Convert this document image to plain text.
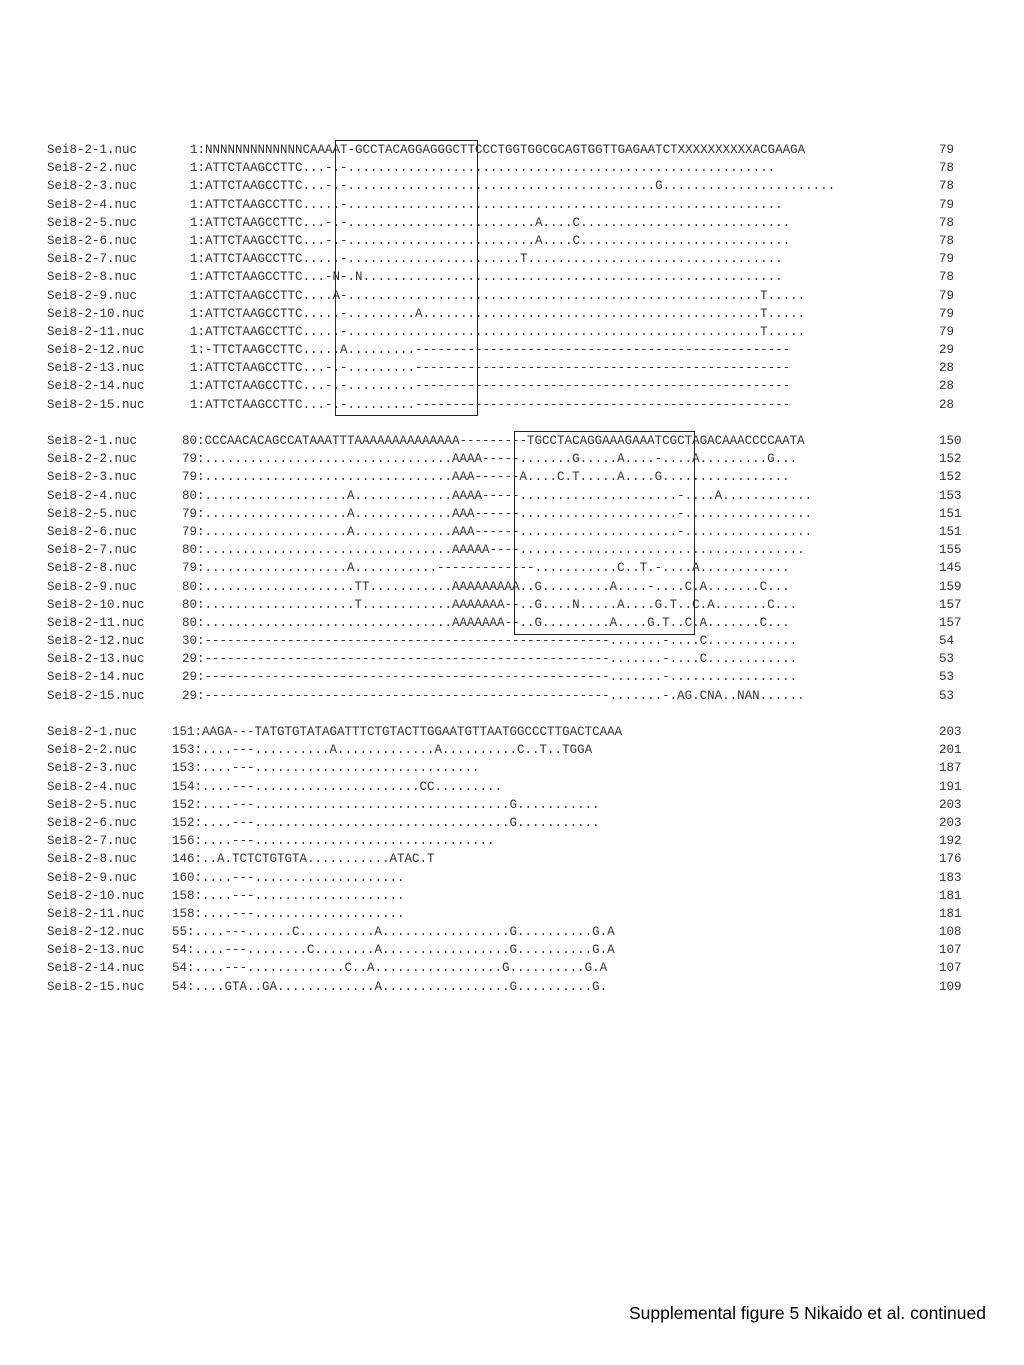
Sei8-2-1.nuc	1:NNNNNNNNNNNNNCAAAAT-GCCTACAGGAGGGCTTCCCTGGTGGCGCAGTGGTTGAGAATCTXXXXXXXXXXACGAAGA	79
Sei8-2-2.nuc	1:ATTCTAAGCCTTC...-.-.........................................................	78
Sei8-2-3.nuc	1:ATTCTAAGCCTTC...-.-.........................................G.......................	78
Sei8-2-4.nuc	1:ATTCTAAGCCTTC.....-..........................................................	79
Sei8-2-5.nuc	1:ATTCTAAGCCTTC...-.-.........................A....C............................	78
Sei8-2-6.nuc	1:ATTCTAAGCCTTC...-.-.........................A....C............................	78
Sei8-2-7.nuc	1:ATTCTAAGCCTTC.....-.......................T..................................	79
Sei8-2-8.nuc	1:ATTCTAAGCCTTC...-N-.N........................................................	78
Sei8-2-9.nuc	1:ATTCTAAGCCTTC....A-.......................................................T.....	79
Sei8-2-10.nuc	1:ATTCTAAGCCTTC.....-.........A.............................................T.....	79
Sei8-2-11.nuc	1:ATTCTAAGCCTTC.....-.......................................................T.....	79
Sei8-2-12.nuc	1:-TTCTAAGCCTTC.....A.........--------------------------------------------------	29
Sei8-2-13.nuc	1:ATTCTAAGCCTTC...-.-.........--------------------------------------------------	28
Sei8-2-14.nuc	1:ATTCTAAGCCTTC...-.-.........--------------------------------------------------	28
Sei8-2-15.nuc	1:ATTCTAAGCCTTC...-.-.........--------------------------------------------------	28
Sei8-2-1.nuc	80:CCCAACACAGCCATAAATTTAAAAAAAAAAAAAA---------TGCCTACAGGAAAGAAATCGCTAGACAAACCCCAATA	150
Sei8-2-2.nuc	79:.................................AAAA-----.......G.....A....-....A.........G...	152
Sei8-2-3.nuc	79:.................................AAA------A....C.T.....A....G.................	152
Sei8-2-4.nuc	80:...................A.............AAAA-----.....................-....A............	153
Sei8-2-5.nuc	79:...................A.............AAA------.....................-.................	151
Sei8-2-6.nuc	79:...................A.............AAA------.....................-.................	151
Sei8-2-7.nuc	80:.................................AAAAA----......................................	155
Sei8-2-8.nuc	79:...................A...........-------------...........C..T.-....A............	145
Sei8-2-9.nuc	80:....................TT...........AAAAAAAAA..G.........A....-....C.A.......C...	159
Sei8-2-10.nuc	80:....................T............AAAAAAA--..G....N.....A....G.T..C.A.......C...	157
Sei8-2-11.nuc	80:.................................AAAAAAA--..G.........A....G.T..C.A.......C...	157
Sei8-2-12.nuc	30:------------------------------------------------------.......-....C............	54
Sei8-2-13.nuc	29:------------------------------------------------------.......-....C............	53
Sei8-2-14.nuc	29:------------------------------------------------------.......-.................	53
Sei8-2-15.nuc	29:------------------------------------------------------.......-.AG.CNA..NAN......	53
Sei8-2-1.nuc	151:AAGA---TATGTGTATAGATTTCTGTACTTGGAATGTTAATGGCCCTTGACTCAAA	203
Sei8-2-2.nuc	153:....---..........A.............A..........C..T..TGGA	201
Sei8-2-3.nuc	153:....---..............................	187
Sei8-2-4.nuc	154:....---......................CC.........	191
Sei8-2-5.nuc	152:....---..................................G...........	203
Sei8-2-6.nuc	152:....---..................................G...........	203
Sei8-2-7.nuc	156:....---................................	192
Sei8-2-8.nuc	146:..A.TCTCTGTGTA...........ATAC.T	176
Sei8-2-9.nuc	160:....---....................	183
Sei8-2-10.nuc 158:....---....................	181
Sei8-2-11.nuc 158:....---....................	181
Sei8-2-12.nuc 55:....---......C..........A.................G..........G.A	108
Sei8-2-13.nuc 54:....---........C........A.................G..........G.A	107
Sei8-2-14.nuc 54:....---.............C..A.................G..........G.A	107
Sei8-2-15.nuc 54:....GTA..GA.............A.................G..........G.	109
Supplemental figure 5 Nikaido et al. continued
